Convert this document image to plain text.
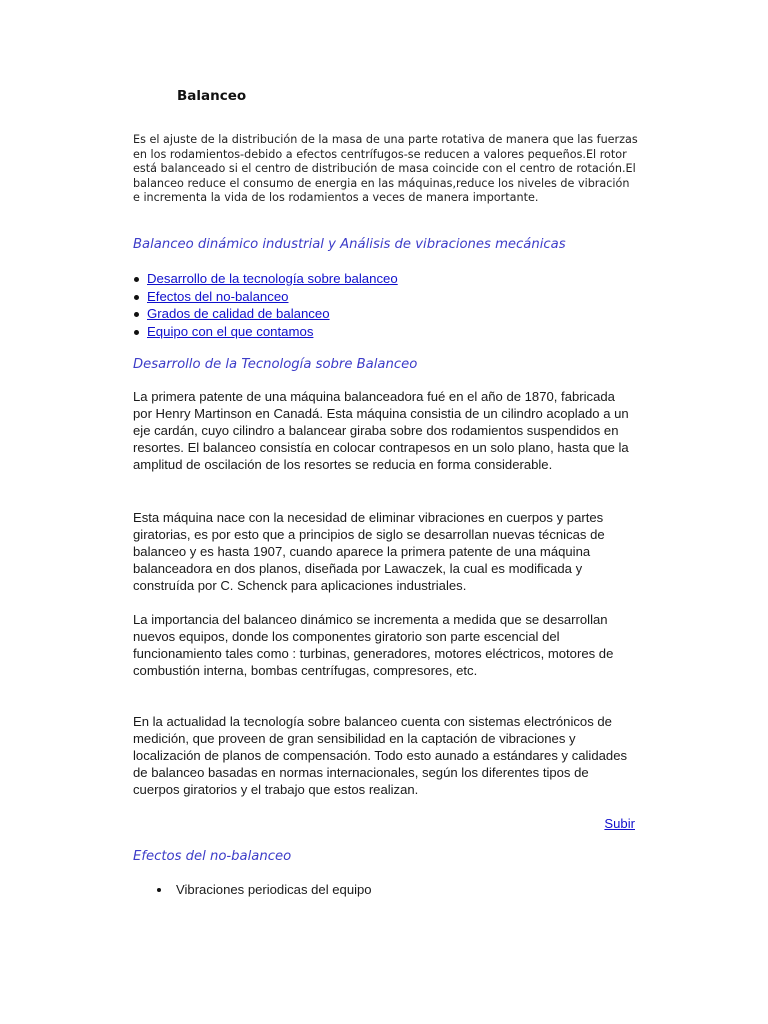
Balanceo

Es el ajuste de la distribución de la masa de una parte rotativa de manera que las fuerzas en los rodamientos-debido a efectos centrífugos-se reducen a valores pequeños.El rotor está balanceado si el centro de distribución de masa coincide con el centro de rotación.El balanceo reduce el consumo de energia en las máquinas,reduce los niveles de vibración e incrementa la vida de los rodamientos a veces de manera importante.

Balanceo dinámico industrial y Análisis de vibraciones mecánicas
Desarrollo de la tecnología sobre balanceo
Efectos del no-balanceo
Grados de calidad de balanceo
Equipo con el que contamos
Desarrollo de la Tecnología sobre Balanceo

La primera patente de una máquina balanceadora fué en el año de 1870, fabricada por Henry Martinson en Canadá. Esta máquina consistia de un cilindro acoplado a un eje cardán, cuyo cilindro a balancear giraba sobre dos rodamientos suspendidos en resortes. El balanceo consistía en colocar contrapesos en un solo plano, hasta que la amplitud de oscilación de los resortes se reducia en forma considerable.

Esta máquina nace con la necesidad de eliminar vibraciones en cuerpos y partes giratorias, es por esto que a principios de siglo se desarrollan nuevas técnicas de balanceo y es hasta 1907, cuando aparece la primera patente de una máquina balanceadora en dos planos, diseñada por Lawaczek, la cual es modificada y construída por C. Schenck para aplicaciones industriales.

La importancia del balanceo dinámico se incrementa a medida que se desarrollan nuevos equipos, donde los componentes giratorio son parte escencial del funcionamiento tales como : turbinas, generadores, motores eléctricos, motores de combustión interna, bombas centrífugas, compresores, etc.

En la actualidad la tecnología sobre balanceo cuenta con sistemas electrónicos de medición, que proveen de gran sensibilidad en la captación de vibraciones y localización de planos de compensación. Todo esto aunado a estándares y calidades de balanceo basadas en normas internacionales, según los diferentes tipos de cuerpos giratorios y el trabajo que estos realizan.

Subir
Efectos del no-balanceo
Vibraciones periodicas del equipo
